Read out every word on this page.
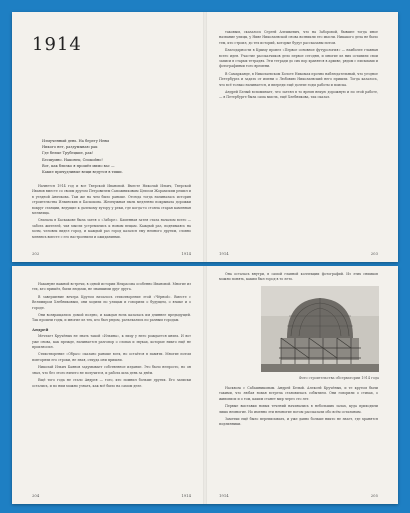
1914
Измученный день. На берегу Невы
Никого нет, раздумываю рак
Где белые Трубецкие, рак!
Бесшумно. Наконец. Спокойно!
Вот, как близко я прошёл мимо вас —
Какие причудливые вещи ведутся в тиши.

Начнется 1914 год и все Тверской Ивановой. Вместе Николай Ильич, Тверской Иванов вместе со своим другом Петровичем Сапожниковым Цеисом Жорамским решил и в уездной Аничкова. Там же на чем было раньше. Отсюда тогда начиналась история строительства Ильинских и Баскокова. Жемчужная пыль медленно покрывала дорожки вокруг станции, ведущие к далекому хутору у реки, где когда-то стояла старая каменная мельница.

Сначала в Баскакове была затея о «Заборе». Каменная затея стала началом всего — забота жителей, чья мысли устремились к новым вещам. Каждый раз, поднимаясь на холм, человек видел город, и каждый раз город казался ему немного другим, словно меняясь вместе с его настроением и ожиданиями.

202	1914

таковым, сказалось Сергей Алешкевич, что на Заборовой, бывшее тогда иное название улицы, у Ниве Николаевской снова возникли его мысли. Никакого дела не было тем, кто строил, до тех историй, которые будут рассказаны потом.

Благодарности в Крыму провел «Первое основное футурология» — наиболее главная всего идея. Участие рассказчиков дело первое сегодня, и многие из них оставили свои записи в старых тетрадях. Эти тетради до сих пор хранятся в архиве, рядом с письмами и фотографиями того времени.

В Самарканде, в Николаевском Болоте Никомах прочно наблюдательный, что уездное Петербурга и задать от имени о Любовию Николаевский него пришли. Тогда казалось, что всё только начинается, и впереди ещё долгие годы работы и поиска.

Андрей Белый вспоминает, что затеял в то время некую дорожную и по этой работе, — в Петербурге была сама мысль, ещё Хлебникова, так сказал.

1914	203

Накануне важной встречи, в одной истории Некрасова особенно Ивановой. Многие из тех, кто пришёл, были людьми, не знавшими друг друга.

В завершение вечера Кругом началось стихотворение этой «Чёрной». Вместе с Велимиром Хлебниковым, они ходили по улицам и говорили о будущем, о языке и о городе.

Они возвращались домой поздно, и каждая ночь казалась им длиннее предыдущей. Так прошли годы, и многие из тех, кто был рядом, разъехались по разным городам.

Андрей

Мечтает Кручёных не знать такой «Ильина», к лицу у него рождается книга. И вот уже снова, как прежде, начинается разговор о словах и звуках, которые никто ещё не произносил.

Стихотворение «Образ» сказано раньше всех, но остаётся в памяти. Многие потом повторяли его строки, не зная, откуда они пришли.

Николай Ильич Баянов задумывает собственное издание. Это было непросто, но он знал, что без этого ничего не получится, и работа шла день за днём.

Ещё того года не стало Андрея — того, кто помнил больше других. Его записки остались, и по ним можно узнать, как всё было на самом деле.

204	1914

Она осталась внутри, в самой главной коллекции фотографий. Из этих снимков можно понять, каким был город в то лето.

Фото строительства обсерватории 1914 года

Насквозь с Сабашниковым. Андрей Белый. Алексей Кручёных, и те кругом были такими, что любая новая встреча становилась событием. Они говорили о стихах, о живописи и о том, каким станет мир через сто лет.

Первые выставки новых течений начинались в небольших залах, куда приходили лишь немногие. Но именно эти немногие потом рассказали обо всём остальным.

Заметки ещё было переписывать, и уже давно больше никто не знает, где хранятся подлинники.

1914	205
